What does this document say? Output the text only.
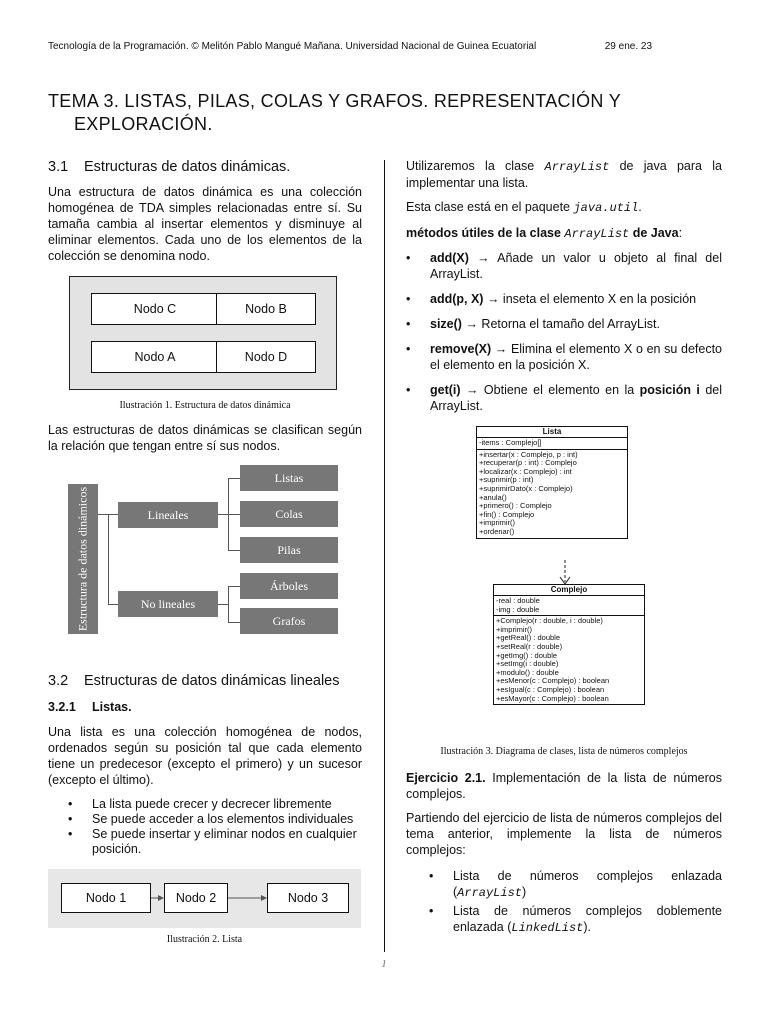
Tecnología de la Programación. © Melitón Pablo Mangué Mañana. Universidad Nacional de Guinea Ecuatorial	29 ene. 23
TEMA 3. LISTAS, PILAS, COLAS Y GRAFOS. REPRESENTACIÓN Y
EXPLORACIÓN.
3.1 Estructuras de datos dinámicas.

Una estructura de datos dinámica es una colección homogénea de TDA simples relacionadas entre sí. Su tamaña cambia al insertar elementos y disminuye al eliminar elementos. Cada uno de los elementos de la colección se denomina nodo.

Nodo C	Nodo B
Nodo A	Nodo D
Ilustración 1. Estructura de datos dinámica

Las estructuras de datos dinámicas se clasifican según la relación que tengan entre sí sus nodos.

Estructura de datos dinámicos	Lineales
No lineales
Listas
Colas
Pilas
Árboles
Grafos
3.2 Estructuras de datos dinámicas lineales
3.2.1 Listas.

Una lista es una colección homogénea de nodos, ordenados según su posición tal que cada elemento tiene un predecesor (excepto el primero) y un sucesor (excepto el último).

• La lista puede crecer y decrecer libremente
• Se puede acceder a los elementos individuales
• Se puede insertar y eliminar nodos en cualquier posición.
Nodo 1	Nodo 2	Nodo 3
Ilustración 2. Lista

Utilizaremos la clase ArrayList de java para la implementar una lista.

Esta clase está en el paquete java.util.

métodos útiles de la clase ArrayList de Java:

• add(X) → Añade un valor u objeto al final del ArrayList.

• add(p, X) → inseta el elemento X en la posición

• size() → Retorna el tamaño del ArrayList.

• remove(X) → Elimina el elemento X o en su defecto el elemento en la posición X.

• get(i) → Obtiene el elemento en la posición i del ArrayList.

Lista
-items : Complejo[]
+insertar(x : Complejo, p : int)
+recuperar(p : int) : Complejo
+localizar(x : Complejo) : int
+suprimir(p : int)
+suprimirDato(x : Complejo)
+anula()
+primero() : Complejo
+fin() : Complejo
+imprimir()
+ordenar()
Complejo
-real : double
-img : double
+Complejo(r : double, i : double)
+imprimir()
+getReal() : double
+setReal(r : double)
+getImg() : double
+setImg(i : double)
+modulo() : double
+esMenor(c : Complejo) : boolean
+esIgual(c : Complejo) : boolean
+esMayor(c : Complejo) : boolean
Ilustración 3. Diagrama de clases, lista de números complejos

Ejercicio 2.1. Implementación de la lista de números complejos.

Partiendo del ejercicio de lista de números complejos del tema anterior, implemente la lista de números complejos:

• Lista de números complejos enlazada (ArrayList)

• Lista de números complejos doblemente enlazada (LinkedList).

1
